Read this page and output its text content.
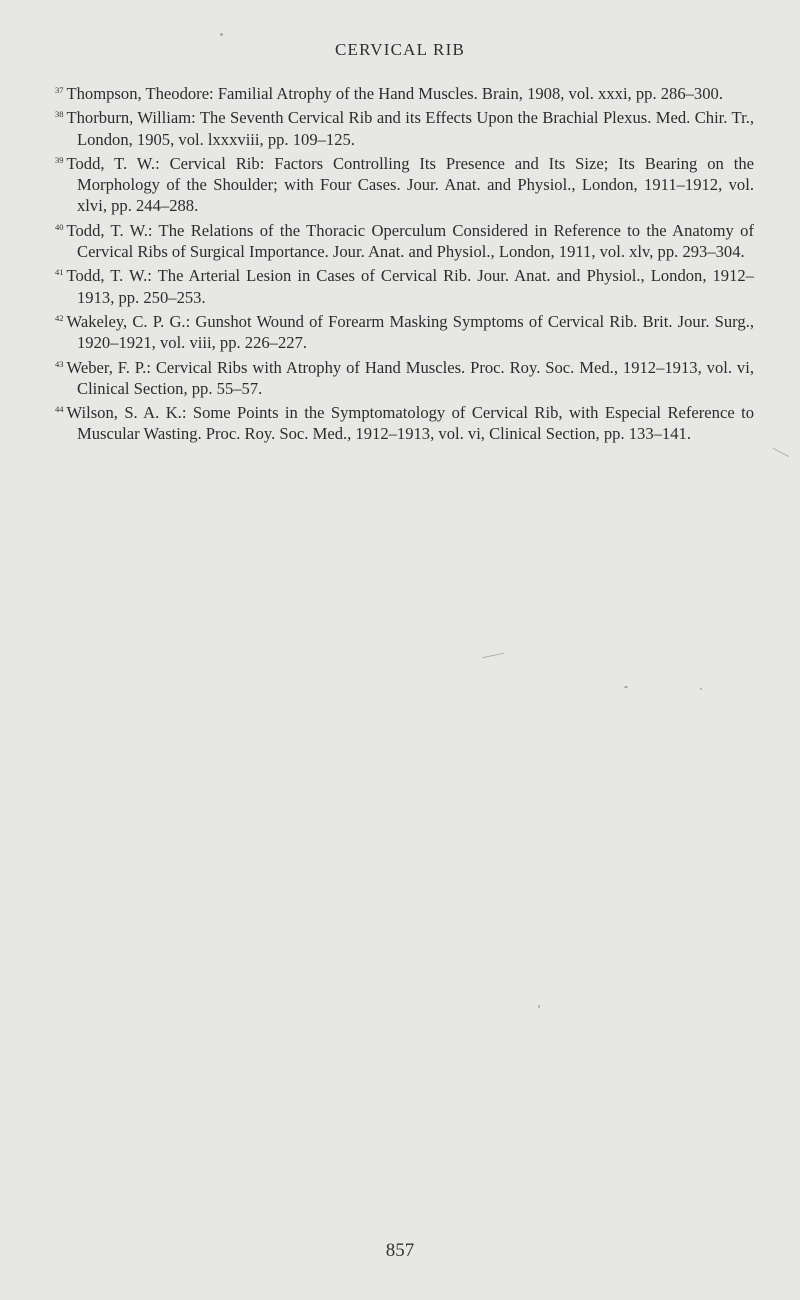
CERVICAL RIB

$^{37}$ Thompson, Theodore: Familial Atrophy of the Hand Muscles. Brain, 1908, vol. xxxi, pp. 286–300.

$^{38}$ Thorburn, William: The Seventh Cervical Rib and its Effects Upon the Brachial Plexus. Med. Chir. Tr., London, 1905, vol. lxxxviii, pp. 109–125.

$^{39}$ Todd, T. W.: Cervical Rib: Factors Controlling Its Presence and Its Size; Its Bearing on the Morphology of the Shoulder; with Four Cases. Jour. Anat. and Physiol., London, 1911–1912, vol. xlvi, pp. 244–288.

$^{40}$ Todd, T. W.: The Relations of the Thoracic Operculum Considered in Reference to the Anatomy of Cervical Ribs of Surgical Importance. Jour. Anat. and Physiol., London, 1911, vol. xlv, pp. 293–304.

$^{41}$ Todd, T. W.: The Arterial Lesion in Cases of Cervical Rib. Jour. Anat. and Physiol., London, 1912–1913, pp. 250–253.

$^{42}$ Wakeley, C. P. G.: Gunshot Wound of Forearm Masking Symptoms of Cervical Rib. Brit. Jour. Surg., 1920–1921, vol. viii, pp. 226–227.

$^{43}$ Weber, F. P.: Cervical Ribs with Atrophy of Hand Muscles. Proc. Roy. Soc. Med., 1912–1913, vol. vi, Clinical Section, pp. 55–57.

$^{44}$ Wilson, S. A. K.: Some Points in the Symptomatology of Cervical Rib, with Especial Reference to Muscular Wasting. Proc. Roy. Soc. Med., 1912–1913, vol. vi, Clinical Section, pp. 133–141.

857
